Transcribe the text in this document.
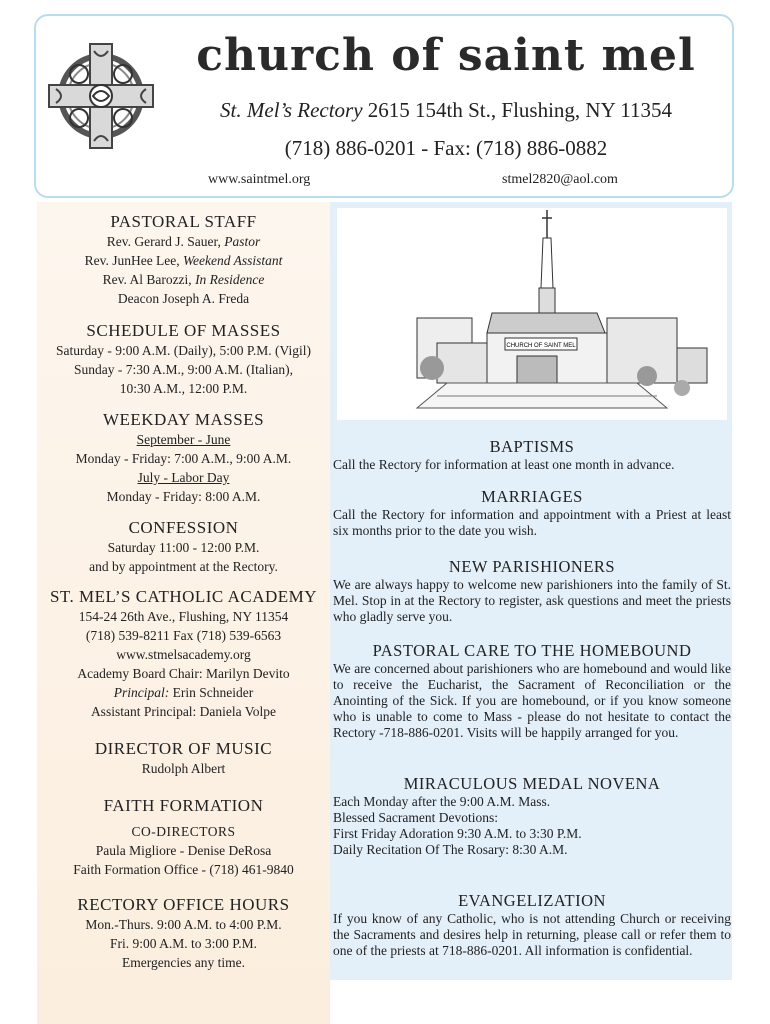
church of saint mel
St. Mel’s Rectory 2615 154th St., Flushing, NY 11354
(718) 886-0201 - Fax: (718) 886-0882
www.saintmel.org	stmel2820@aol.com
PASTORAL STAFF
Rev. Gerard J. Sauer, Pastor
Rev. JunHee Lee, Weekend Assistant
Rev. Al Barozzi, In Residence
Deacon Joseph A. Freda
SCHEDULE OF MASSES
Saturday - 9:00 A.M. (Daily), 5:00 P.M. (Vigil)
Sunday - 7:30 A.M., 9:00 A.M. (Italian),
10:30 A.M., 12:00 P.M.
WEEKDAY MASSES
September - June
Monday - Friday: 7:00 A.M., 9:00 A.M.
July - Labor Day
Monday - Friday: 8:00 A.M.
CONFESSION
Saturday 11:00 - 12:00 P.M.
and by appointment at the Rectory.
ST. MEL’S CATHOLIC ACADEMY
154-24 26th Ave., Flushing, NY 11354
(718) 539-8211 Fax (718) 539-6563
www.stmelsacademy.org
Academy Board Chair: Marilyn Devito
Principal: Erin Schneider
Assistant Principal: Daniela Volpe
DIRECTOR OF MUSIC
Rudolph Albert
FAITH FORMATION
CO-DIRECTORS
Paula Migliore - Denise DeRosa
Faith Formation Office - (718) 461-9840
RECTORY OFFICE HOURS
Mon.-Thurs. 9:00 A.M. to 4:00 P.M.
Fri. 9:00 A.M. to 3:00 P.M.
Emergencies any time.
CHURCH OF SAINT MEL
BAPTISMS

Call the Rectory for information at least one month in advance.

MARRIAGES

Call the Rectory for information and appointment with a Priest at least six months prior to the date you wish.

NEW PARISHIONERS

We are always happy to welcome new parishioners into the family of St. Mel. Stop in at the Rectory to register, ask questions and meet the priests who gladly serve you.

PASTORAL CARE TO THE HOMEBOUND

We are concerned about parishioners who are homebound and would like to receive the Eucharist, the Sacrament of Reconciliation or the Anointing of the Sick. If you are homebound, or if you know someone who is unable to come to Mass - please do not hesitate to contact the Rectory -718-886-0201. Visits will be happily arranged for you.

MIRACULOUS MEDAL NOVENA

Each Monday after the 9:00 A.M. Mass.

Blessed Sacrament Devotions:

First Friday Adoration 9:30 A.M. to 3:30 P.M.

Daily Recitation Of The Rosary: 8:30 A.M.

EVANGELIZATION

If you know of any Catholic, who is not attending Church or receiving the Sacraments and desires help in returning, please call or refer them to one of the priests at 718-886-0201. All information is confidential.
